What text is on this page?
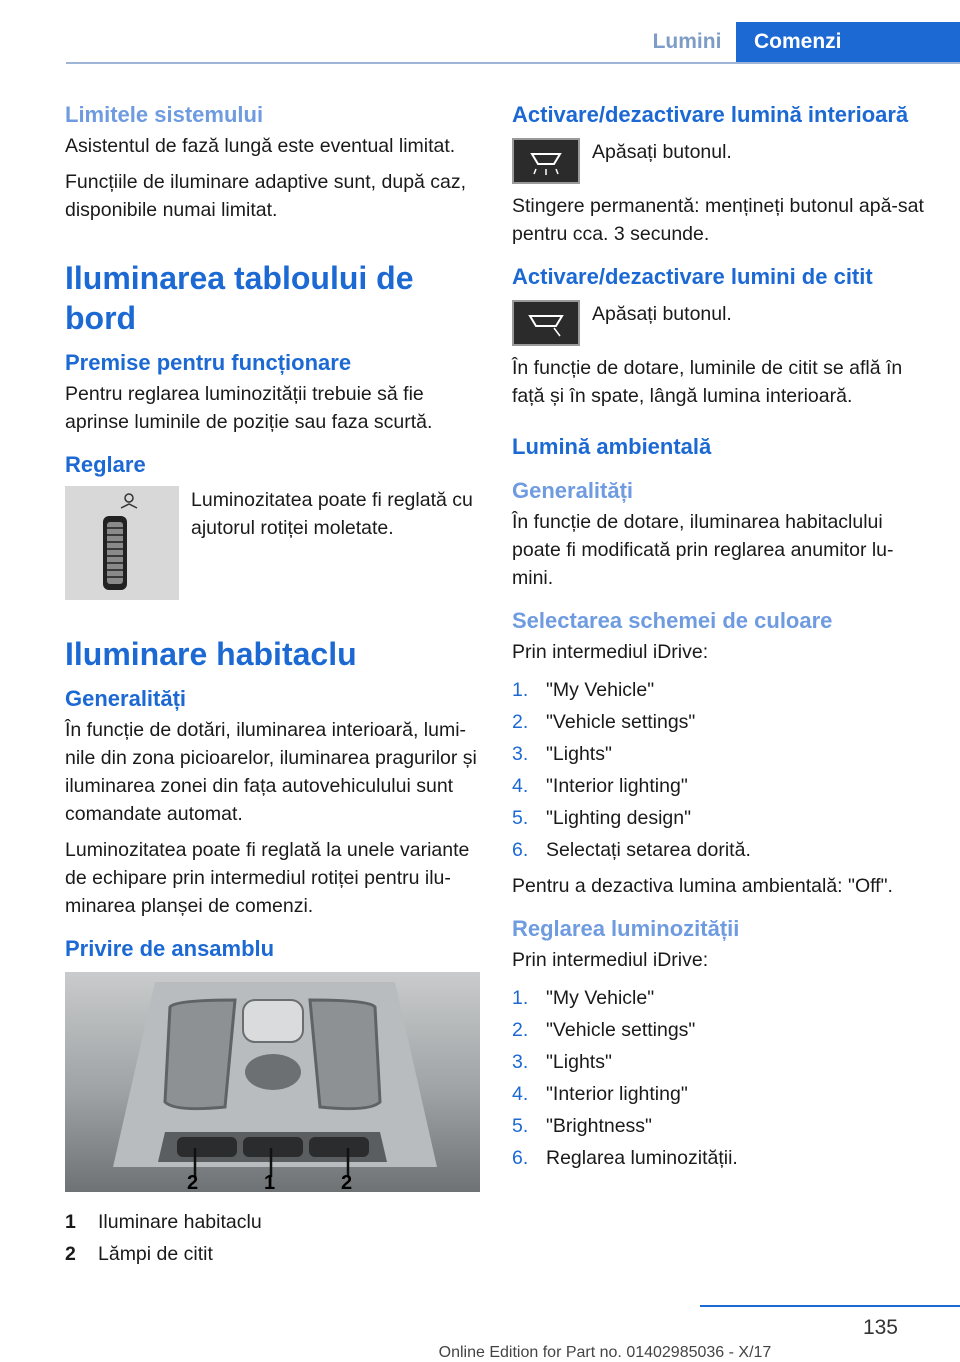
Lumini	Comenzi
Limitele sistemului

Asistentul de fază lungă este eventual limitat.

Funcțiile de iluminare adaptive sunt, după caz, disponibile numai limitat.

Iluminarea tabloului de bord
Premise pentru funcționare

Pentru reglarea luminozității trebuie să fie aprinse luminile de poziție sau faza scurtă.

Reglare

Luminozitatea poate fi reglată cu ajutorul rotiței moletate.

Iluminare habitaclu
Generalități

În funcție de dotări, iluminarea interioară, lumi-nile din zona picioarelor, iluminarea pragurilor și iluminarea zonei din fața autovehiculului sunt comandate automat.

Luminozitatea poate fi reglată la unele variante de echipare prin intermediul rotiței pentru ilu-minarea planșei de comenzi.

Privire de ansamblu
2	1	2
1	Iluminare habitaclu
2	Lămpi de citit
Activare/dezactivare lumină interioară

Apăsați butonul.

Stingere permanentă: mențineți butonul apă-sat pentru cca. 3 secunde.

Activare/dezactivare lumini de citit

Apăsați butonul.

În funcție de dotare, luminile de citit se află în față și în spate, lângă lumina interioară.

Lumină ambientală
Generalități

În funcție de dotare, iluminarea habitaclului poate fi modificată prin reglarea anumitor lu-mini.

Selectarea schemei de culoare

Prin intermediul iDrive:

1. "My Vehicle"
2. "Vehicle settings"
3. "Lights"
4. "Interior lighting"
5. "Lighting design"
6. Selectați setarea dorită.

Pentru a dezactiva lumina ambientală: "Off".

Reglarea luminozității

Prin intermediul iDrive:

1. "My Vehicle"
2. "Vehicle settings"
3. "Lights"
4. "Interior lighting"
5. "Brightness"
6. Reglarea luminozității.
135
Online Edition for Part no. 01402985036 - X/17
